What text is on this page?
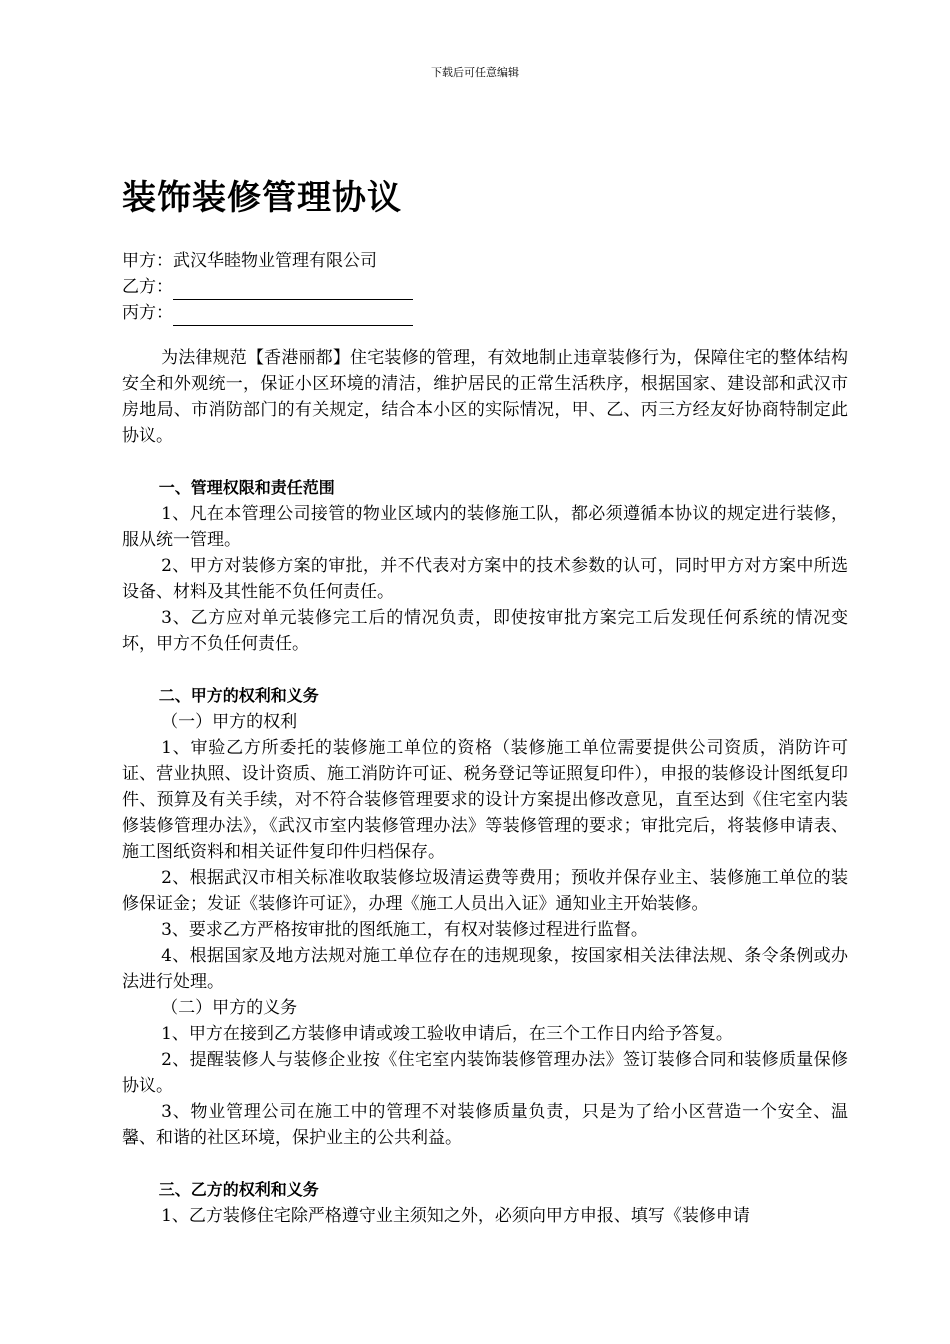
下载后可任意编辑
装饰装修管理协议
甲方：武汉华睦物业管理有限公司
乙方：
丙方：

为法律规范【香港丽都】住宅装修的管理，有效地制止违章装修行为，保障住宅的整体结构安全和外观统一，保证小区环境的清洁，维护居民的正常生活秩序，根据国家、建设部和武汉市房地局、市消防部门的有关规定，结合本小区的实际情况，甲、乙、丙三方经友好协商特制定此协议。

一、管理权限和责任范围

1、凡在本管理公司接管的物业区域内的装修施工队，都必须遵循本协议的规定进行装修，服从统一管理。

2、甲方对装修方案的审批，并不代表对方案中的技术参数的认可，同时甲方对方案中所选设备、材料及其性能不负任何责任。

3、乙方应对单元装修完工后的情况负责，即使按审批方案完工后发现任何系统的情况变坏，甲方不负任何责任。

二、甲方的权利和义务

（一）甲方的权利

1、审验乙方所委托的装修施工单位的资格（装修施工单位需要提供公司资质，消防许可证、营业执照、设计资质、施工消防许可证、税务登记等证照复印件），申报的装修设计图纸复印件、预算及有关手续，对不符合装修管理要求的设计方案提出修改意见，直至达到《住宅室内装修装修管理办法》，《武汉市室内装修管理办法》等装修管理的要求；审批完后，将装修申请表、施工图纸资料和相关证件复印件归档保存。

2、根据武汉市相关标准收取装修垃圾清运费等费用；预收并保存业主、装修施工单位的装修保证金；发证《装修许可证》，办理《施工人员出入证》通知业主开始装修。

3、要求乙方严格按审批的图纸施工，有权对装修过程进行监督。

4、根据国家及地方法规对施工单位存在的违规现象，按国家相关法律法规、条令条例或办法进行处理。

（二）甲方的义务

1、甲方在接到乙方装修申请或竣工验收申请后，在三个工作日内给予答复。

2、提醒装修人与装修企业按《住宅室内装饰装修管理办法》签订装修合同和装修质量保修协议。

3、物业管理公司在施工中的管理不对装修质量负责，只是为了给小区营造一个安全、温馨、和谐的社区环境，保护业主的公共利益。

三、乙方的权利和义务

1、乙方装修住宅除严格遵守业主须知之外，必须向甲方申报、填写《装修申请
